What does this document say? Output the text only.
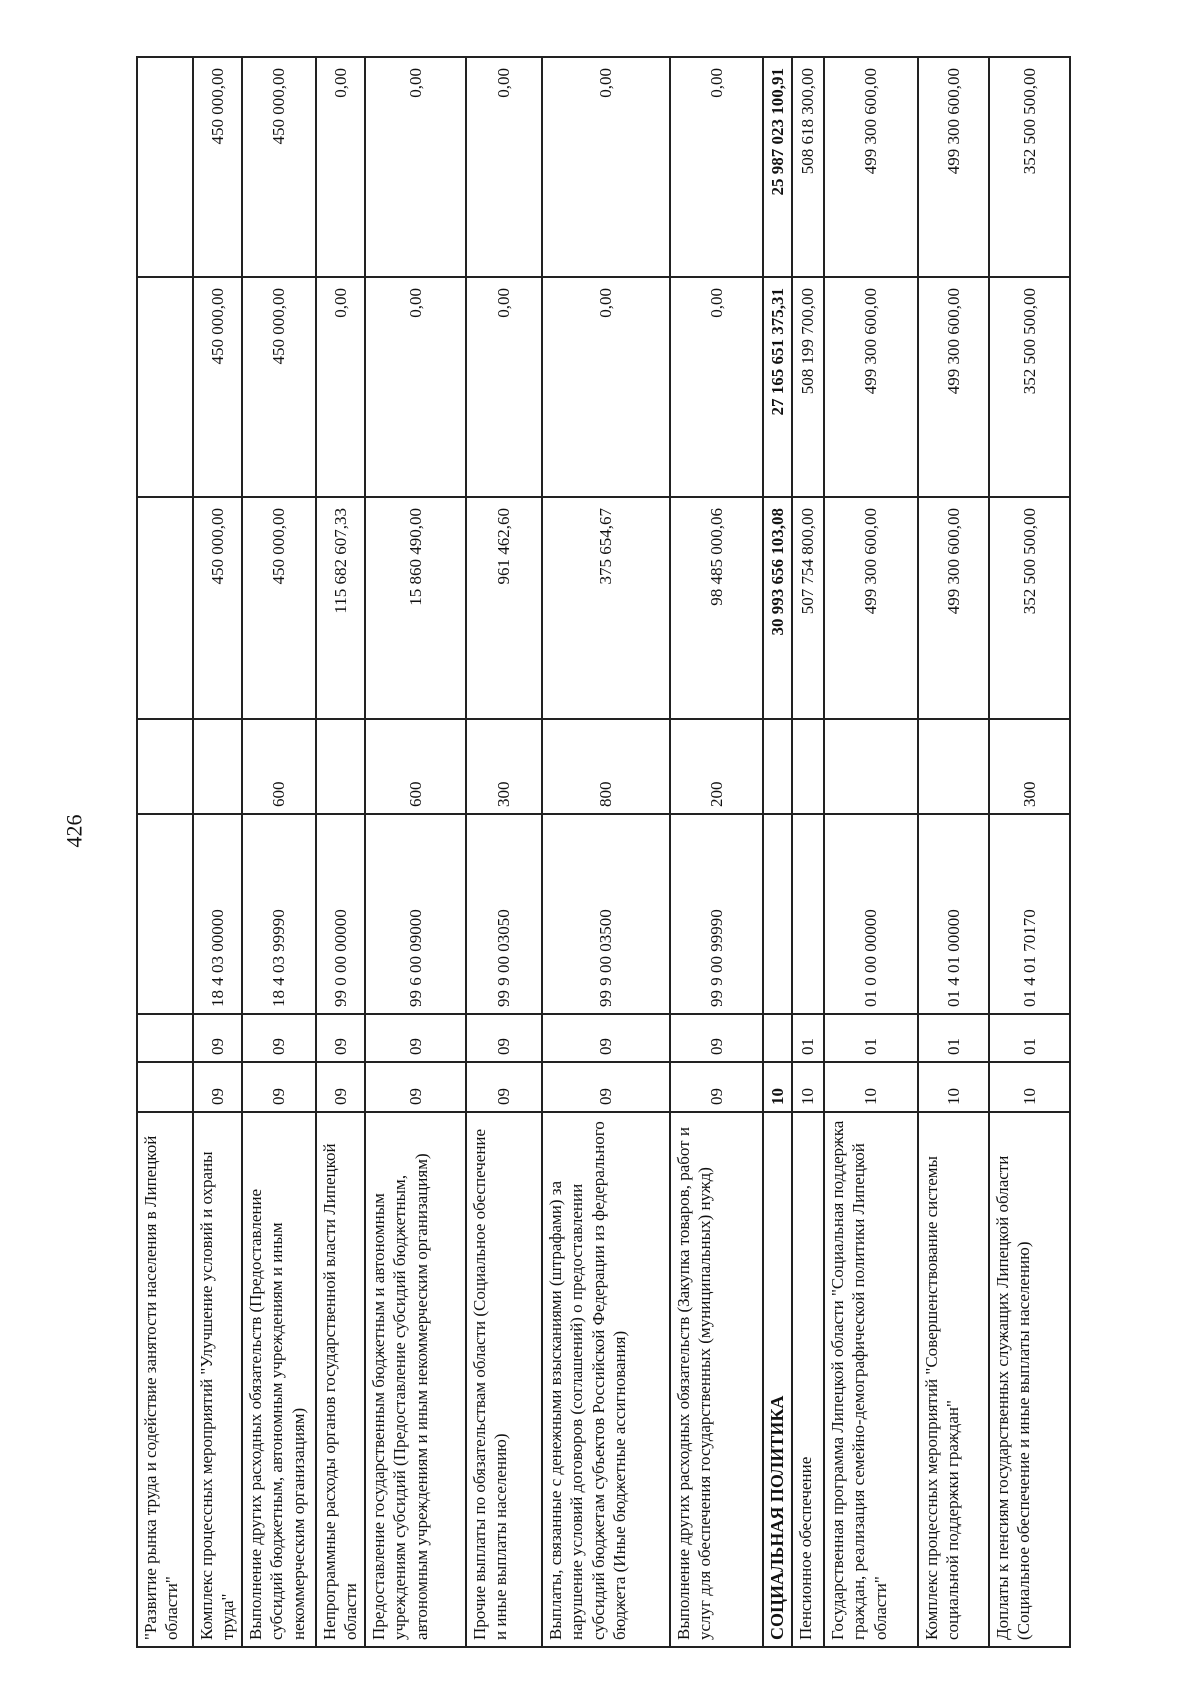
426
"Развитие рынка труда и содействие занятости населения в Липецкой области"							
Комплекс процессных мероприятий "Улучшение условий и охраны труда"	09	09	18 4 03 00000		450 000,00	450 000,00	450 000,00
Выполнение других расходных обязательств (Предоставление субсидий бюджетным, автономным учреждениям и иным некоммерческим организациям)	09	09	18 4 03 99990	600	450 000,00	450 000,00	450 000,00
Непрограммные расходы органов государственной власти Липецкой области	09	09	99 0 00 00000		115 682 607,33	0,00	0,00
Предоставление государственным бюджетным и автономным учреждениям субсидий (Предоставление субсидий бюджетным, автономным учреждениям и иным некоммерческим организациям)	09	09	99 6 00 09000	600	15 860 490,00	0,00	0,00
Прочие выплаты по обязательствам области (Социальное обеспечение и иные выплаты населению)	09	09	99 9 00 03050	300	961 462,60	0,00	0,00
Выплаты, связанные с денежными взысканиями (штрафами) за нарушение условий договоров (соглашений) о предоставлении субсидий бюджетам субъектов Российской Федерации из федерального бюджета (Иные бюджетные ассигнования)	09	09	99 9 00 03500	800	375 654,67	0,00	0,00
Выполнение других расходных обязательств (Закупка товаров, работ и услуг для обеспечения государственных (муниципальных) нужд)	09	09	99 9 00 99990	200	98 485 000,06	0,00	0,00
СОЦИАЛЬНАЯ ПОЛИТИКА	10				30 993 656 103,08	27 165 651 375,31	25 987 023 100,91
Пенсионное обеспечение	10	01			507 754 800,00	508 199 700,00	508 618 300,00
Государственная программа Липецкой области "Социальная поддержка граждан, реализация семейно-демографической политики Липецкой области"	10	01	01 0 00 00000		499 300 600,00	499 300 600,00	499 300 600,00
Комплекс процессных мероприятий "Совершенствование системы социальной поддержки граждан"	10	01	01 4 01 00000		499 300 600,00	499 300 600,00	499 300 600,00
Доплаты к пенсиям государственных служащих Липецкой области (Социальное обеспечение и иные выплаты населению)	10	01	01 4 01 70170	300	352 500 500,00	352 500 500,00	352 500 500,00
